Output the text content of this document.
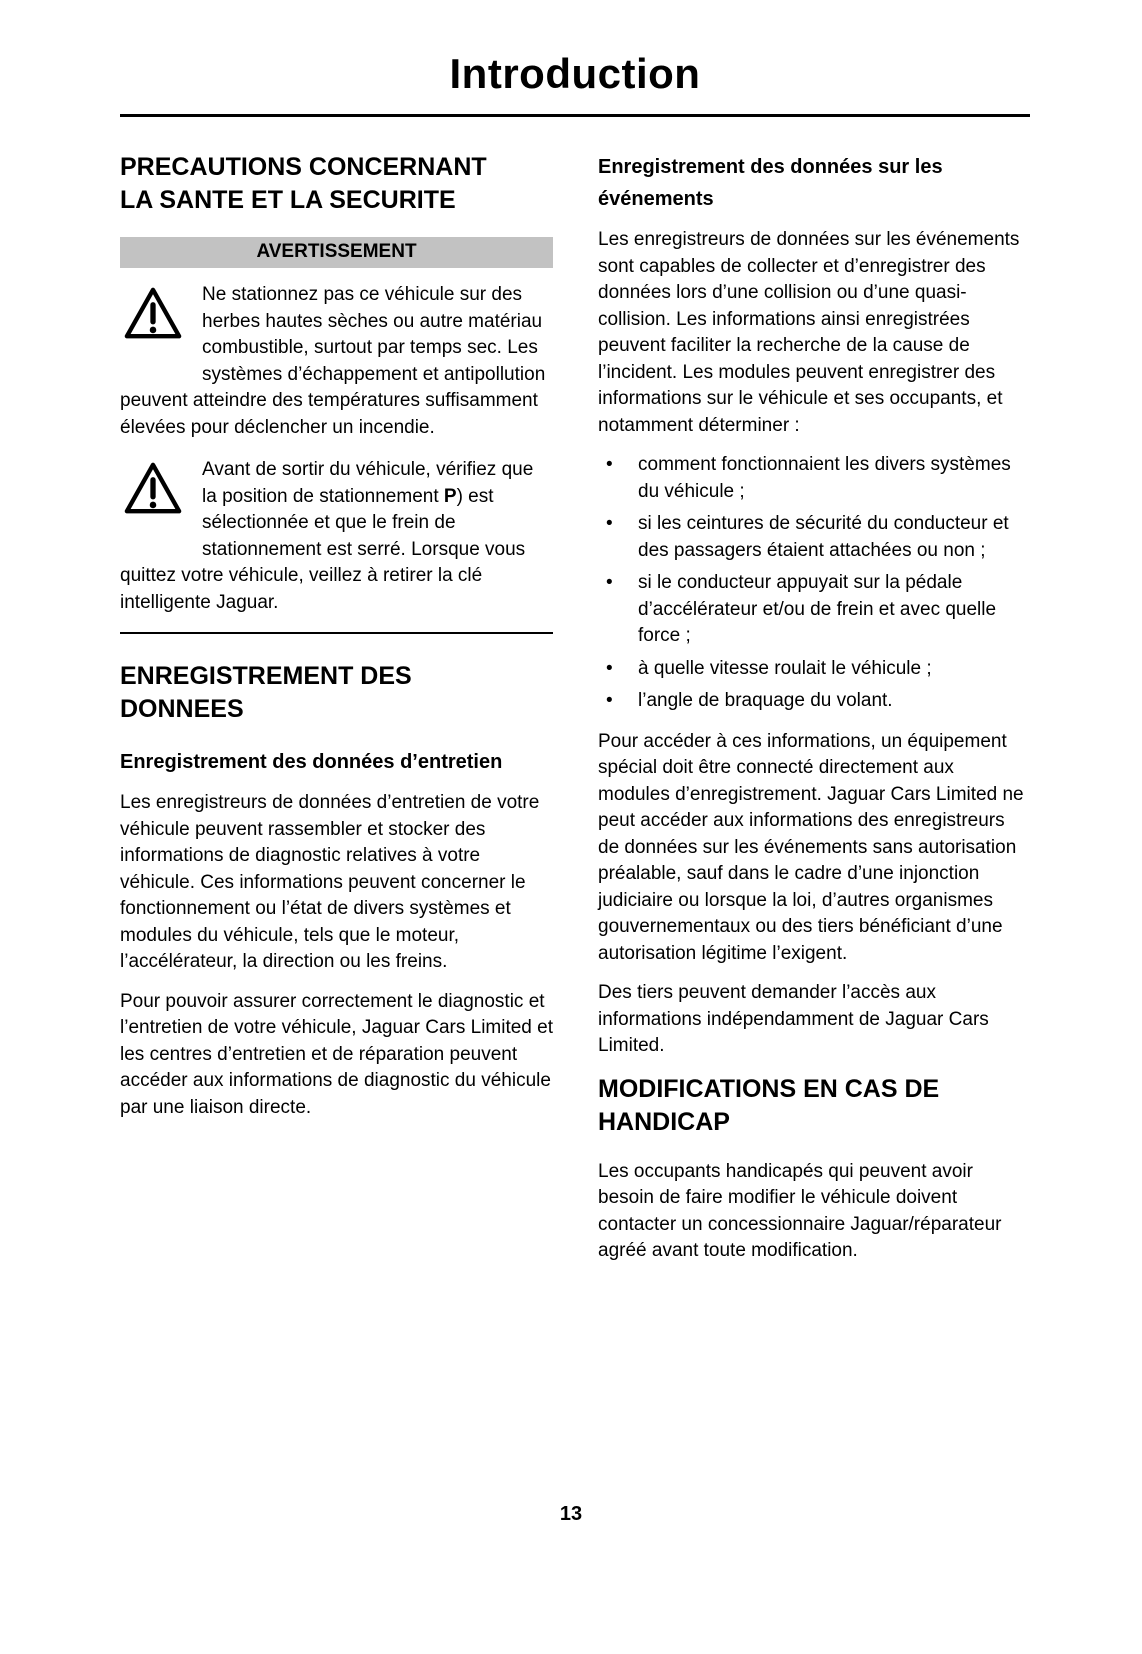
Introduction
PRECAUTIONS CONCERNANT LA SANTE ET LA SECURITE
AVERTISSEMENT
Ne stationnez pas ce véhicule sur des herbes hautes sèches ou autre matériau combustible, surtout par temps sec. Les systèmes d’échappement et antipollution peuvent atteindre des températures suffisamment élevées pour déclencher un incendie.
Avant de sortir du véhicule, vérifiez que la position de stationnement P) est sélectionnée et que le frein de stationnement est serré. Lorsque vous quittez votre véhicule, veillez à retirer la clé intelligente Jaguar.
ENREGISTREMENT DES DONNEES
Enregistrement des données d’entretien

Les enregistreurs de données d’entretien de votre véhicule peuvent rassembler et stocker des informations de diagnostic relatives à votre véhicule. Ces informations peuvent concerner le fonctionnement ou l’état de divers systèmes et modules du véhicule, tels que le moteur, l’accélérateur, la direction ou les freins.

Pour pouvoir assurer correctement le diagnostic et l’entretien de votre véhicule, Jaguar Cars Limited et les centres d’entretien et de réparation peuvent accéder aux informations de diagnostic du véhicule par une liaison directe.

Enregistrement des données sur les événements

Les enregistreurs de données sur les événements sont capables de collecter et d’enregistrer des données lors d’une collision ou d’une quasi-collision. Les informations ainsi enregistrées peuvent faciliter la recherche de la cause de l’incident. Les modules peuvent enregistrer des informations sur le véhicule et ses occupants, et notamment déterminer :

• comment fonctionnaient les divers systèmes du véhicule ;
• si les ceintures de sécurité du conducteur et des passagers étaient attachées ou non ;
• si le conducteur appuyait sur la pédale d’accélérateur et/ou de frein et avec quelle force ;
• à quelle vitesse roulait le véhicule ;
• l’angle de braquage du volant.

Pour accéder à ces informations, un équipement spécial doit être connecté directement aux modules d’enregistrement. Jaguar Cars Limited ne peut accéder aux informations des enregistreurs de données sur les événements sans autorisation préalable, sauf dans le cadre d’une injonction judiciaire ou lorsque la loi, d’autres organismes gouvernementaux ou des tiers bénéficiant d’une autorisation légitime l’exigent.

Des tiers peuvent demander l’accès aux informations indépendamment de Jaguar Cars Limited.

MODIFICATIONS EN CAS DE HANDICAP

Les occupants handicapés qui peuvent avoir besoin de faire modifier le véhicule doivent contacter un concessionnaire Jaguar/réparateur agréé avant toute modification.

13
